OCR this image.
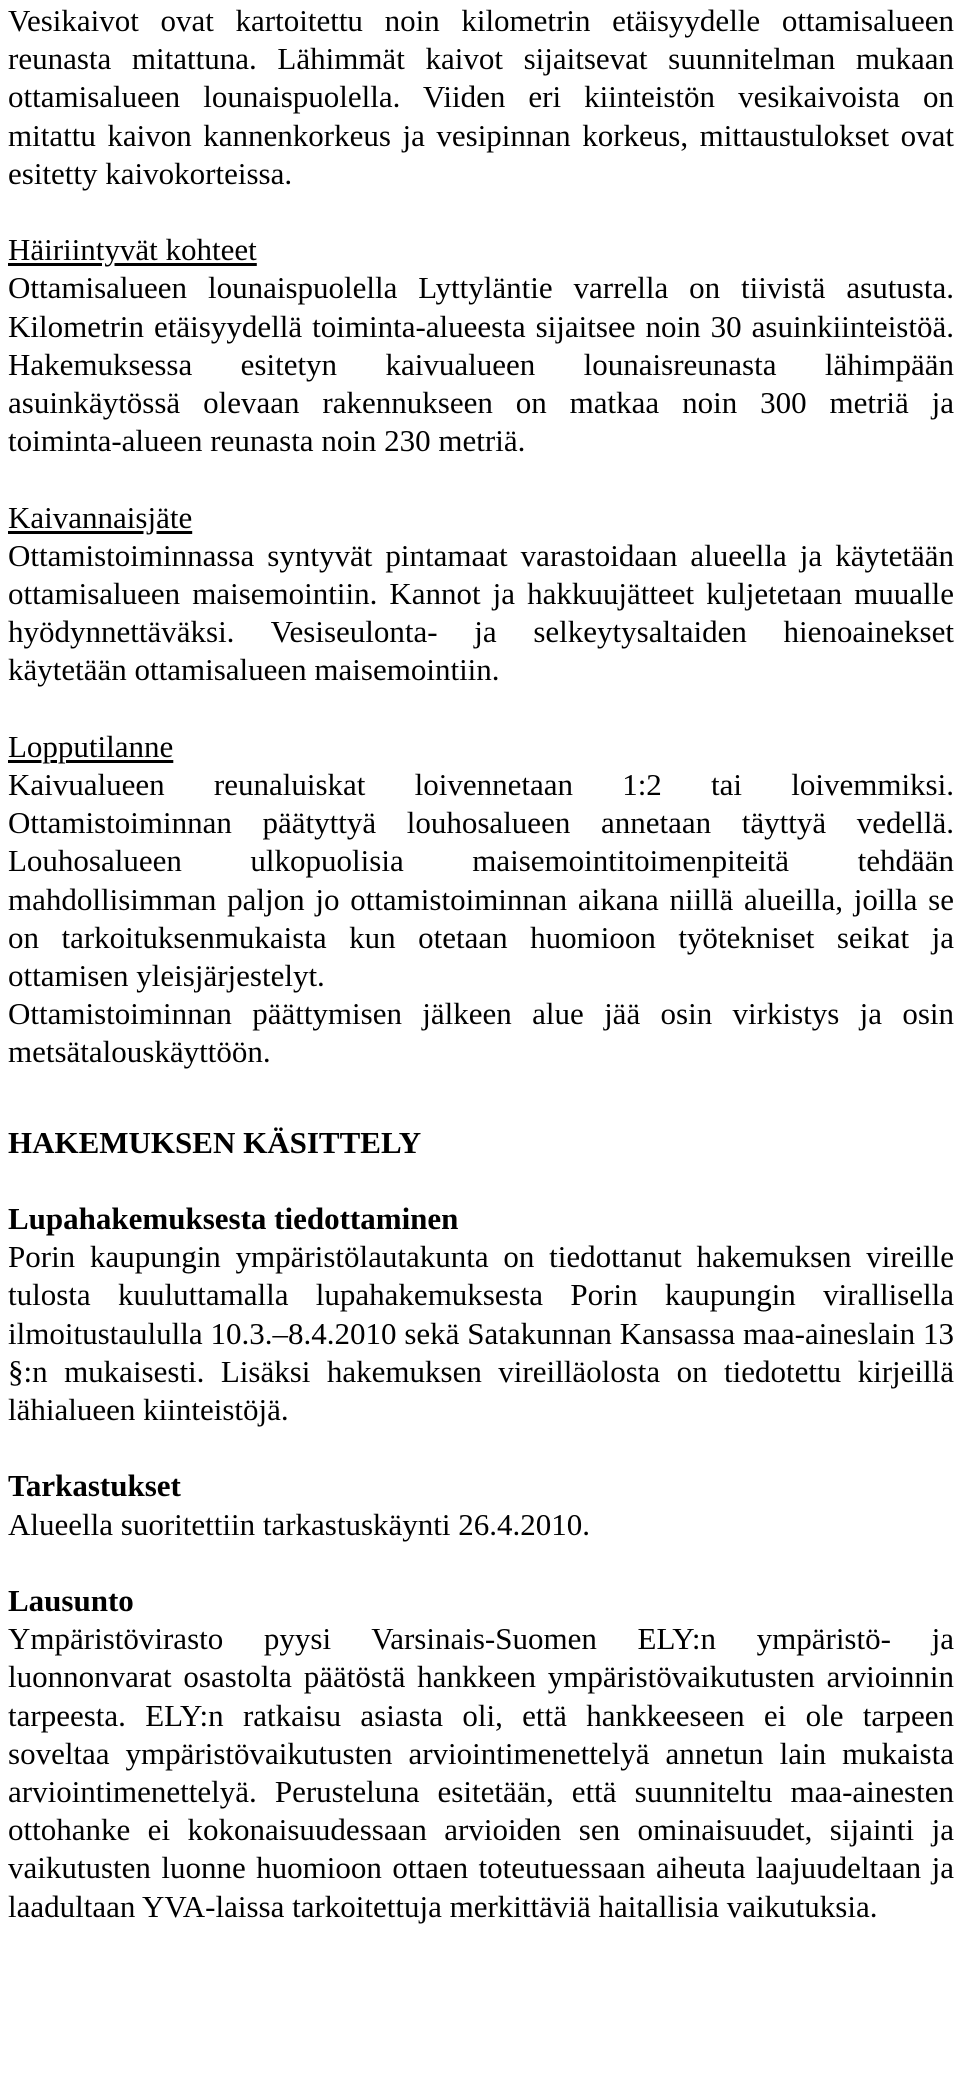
Vesikaivot ovat kartoitettu noin kilometrin etäisyydelle ottamisalueen reunasta mitattuna. Lähimmät kaivot sijaitsevat suunnitelman mukaan ottamisalueen lounaispuolella. Viiden eri kiinteistön vesikaivoista on mitattu kaivon kannenkorkeus ja vesipinnan korkeus, mittaustulokset ovat esitetty kaivokorteissa.

Häiriintyvät kohteet

Ottamisalueen lounaispuolella Lyttyläntie varrella on tiivistä asutusta. Kilometrin etäisyydellä toiminta-alueesta sijaitsee noin 30 asuinkiinteistöä. Hakemuksessa esitetyn kaivualueen lounaisreunasta lähimpään asuinkäytössä olevaan rakennukseen on matkaa noin 300 metriä ja toiminta-alueen reunasta noin 230 metriä.

Kaivannaisjäte

Ottamistoiminnassa syntyvät pintamaat varastoidaan alueella ja käytetään ottamisalueen maisemointiin. Kannot ja hakkuujätteet kuljetetaan muualle hyödynnettäväksi. Vesiseulonta- ja selkeytysaltaiden hienoainekset käytetään ottamisalueen maisemointiin.

Lopputilanne

Kaivualueen reunaluiskat loivennetaan 1:2 tai loivemmiksi. Ottamistoiminnan päätyttyä louhosalueen annetaan täyttyä vedellä. Louhosalueen ulkopuolisia maisemointitoimenpiteitä tehdään mahdollisimman paljon jo ottamistoiminnan aikana niillä alueilla, joilla se on tarkoituksenmukaista kun otetaan huomioon työtekniset seikat ja ottamisen yleisjärjestelyt.

Ottamistoiminnan päättymisen jälkeen alue jää osin virkistys ja osin metsätalouskäyttöön.

HAKEMUKSEN KÄSITTELY
Lupahakemuksesta tiedottaminen

Porin kaupungin ympäristölautakunta on tiedottanut hakemuksen vireille tulosta kuuluttamalla lupahakemuksesta Porin kaupungin virallisella ilmoitustaululla 10.3.–8.4.2010 sekä Satakunnan Kansassa maa-aineslain 13 §:n mukaisesti. Lisäksi hakemuksen vireilläolosta on tiedotettu kirjeillä lähialueen kiinteistöjä.

Tarkastukset

Alueella suoritettiin tarkastuskäynti 26.4.2010.

Lausunto

Ympäristövirasto pyysi Varsinais-Suomen ELY:n ympäristö- ja luonnonvarat osastolta päätöstä hankkeen ympäristövaikutusten arvioinnin tarpeesta. ELY:n ratkaisu asiasta oli, että hankkeeseen ei ole tarpeen soveltaa ympäristövaikutusten arviointimenettelyä annetun lain mukaista arviointimenettelyä. Perusteluna esitetään, että suunniteltu maa-ainesten ottohanke ei kokonaisuudessaan arvioiden sen ominaisuudet, sijainti ja vaikutusten luonne huomioon ottaen toteutuessaan aiheuta laajuudeltaan ja laadultaan YVA-laissa tarkoitettuja merkittäviä haitallisia vaikutuksia.
